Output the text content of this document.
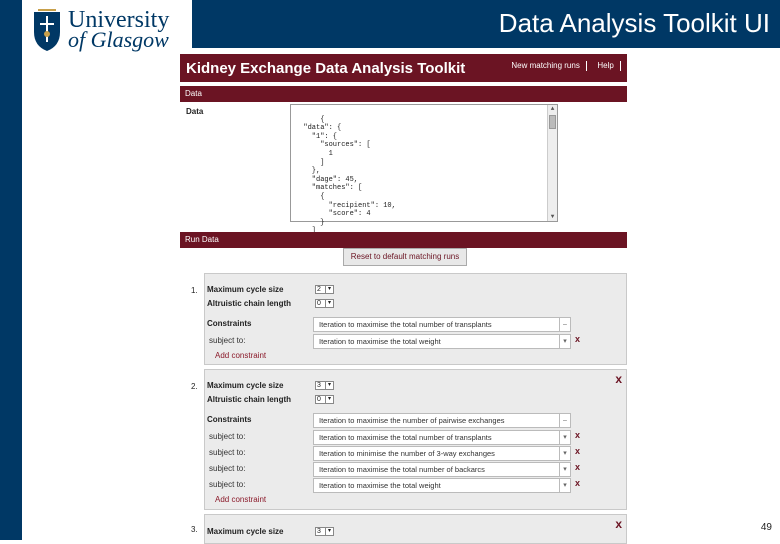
University
of Glasgow
Data Analysis Toolkit UI
49
Kidney Exchange Data Analysis Toolkit	New matching runs Help
Data
Data

{
"data": {
"1": {
"sources": [
1
]
},
"dage": 45,
"matches": [
{
"recipient": 10,
"score": 4
}

▲

▼

Run Data
Reset to default matching runs
1. Maximum cycle size	2 ▾
Altruistic chain length	0 ▾
Constraints	Iteration to maximise the total number of transplants	–
subject to:	Iteration to maximise the total weight	▾ x
Add constraint
2.
x
Maximum cycle size	3 ▾
Altruistic chain length	0 ▾
Constraints	Iteration to maximise the number of pairwise exchanges	–
subject to:	Iteration to maximise the total number of transplants	▾ x
subject to:	Iteration to minimise the number of 3-way exchanges	▾ x
subject to:	Iteration to maximise the total number of backarcs	▾ x
subject to:	Iteration to maximise the total weight	▾ x
Add constraint
3.	x
Maximum cycle size	3 ▾
